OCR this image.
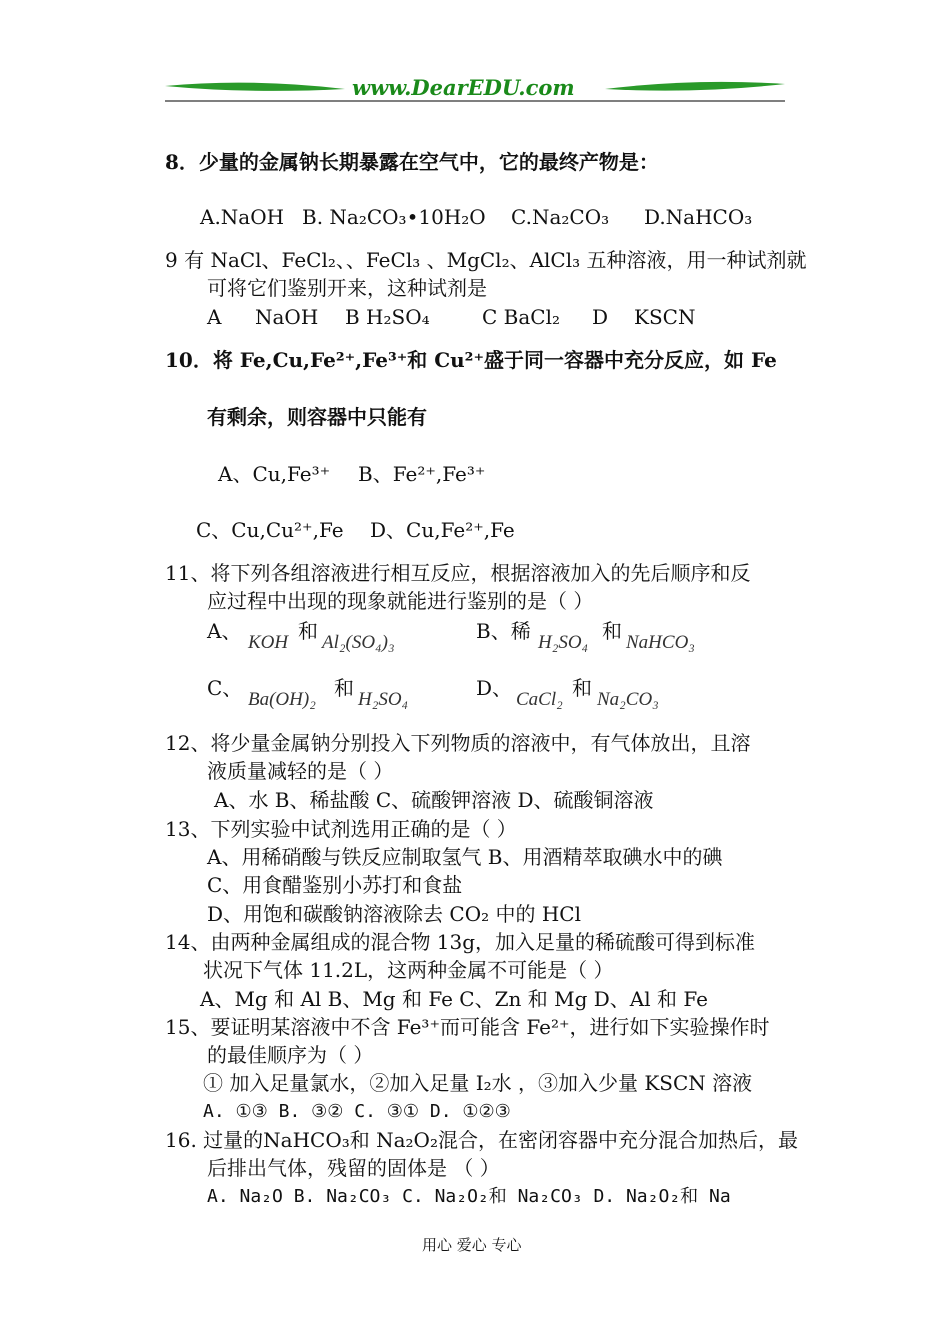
www.DearEDU.com
8．少量的金属钠长期暴露在空气中，它的最终产物是：
A.NaOH B. Na₂CO₃•10H₂O C.Na₂CO₃ D.NaHCO₃
9 有 NaCl、FeCl₂、、FeCl₃ 、MgCl₂、AlCl₃ 五种溶液，用一种试剂就
可将它们鉴别开来，这种试剂是
A NaOH B H₂SO₄	C BaCl₂ D KSCN
10．将 Fe,Cu,Fe²⁺,Fe³⁺和 Cu²⁺盛于同一容器中充分反应，如 Fe
有剩余，则容器中只能有
A、Cu,Fe³⁺ B、Fe²⁺,Fe³⁺
C、Cu,Cu²⁺,Fe D、Cu,Fe²⁺,Fe
11、将下列各组溶液进行相互反应，根据溶液加入的先后顺序和反
应过程中出现的现象就能进行鉴别的是（ ）
A、 KOH 和 Al₂(SO₄)₃	B、稀 H₂SO₄ 和 NaHCO₃
C、 Ba(OH)₂ 和 H₂SO₄	D、 CaCl₂ 和 Na₂CO₃
12、将少量金属钠分别投入下列物质的溶液中，有气体放出，且溶
液质量减轻的是（ ）
A、水 B、稀盐酸 C、硫酸钾溶液 D、硫酸铜溶液
13、下列实验中试剂选用正确的是（ ）
A、用稀硝酸与铁反应制取氢气 B、用酒精萃取碘水中的碘
C、用食醋鉴别小苏打和食盐
D、用饱和碳酸钠溶液除去 CO₂ 中的 HCl
14、由两种金属组成的混合物 13g，加入足量的稀硫酸可得到标准
状况下气体 11.2L，这两种金属不可能是（ ）
A、Mg 和 Al B、Mg 和 Fe C、Zn 和 Mg D、Al 和 Fe
15、要证明某溶液中不含 Fe³⁺而可能含 Fe²⁺，进行如下实验操作时
的最佳顺序为（ ）
① 加入足量氯水，②加入足量 I₂水 ，③加入少量 KSCN 溶液
A. ①③ B. ③② C. ③① D. ①②③
16. 过量的NaHCO₃和 Na₂O₂混合，在密闭容器中充分混合加热后，最
后排出气体，残留的固体是 （ ）
A. Na₂O B. Na₂CO₃ C. Na₂O₂和 Na₂CO₃ D. Na₂O₂和 Na
用心 爱心 专心
